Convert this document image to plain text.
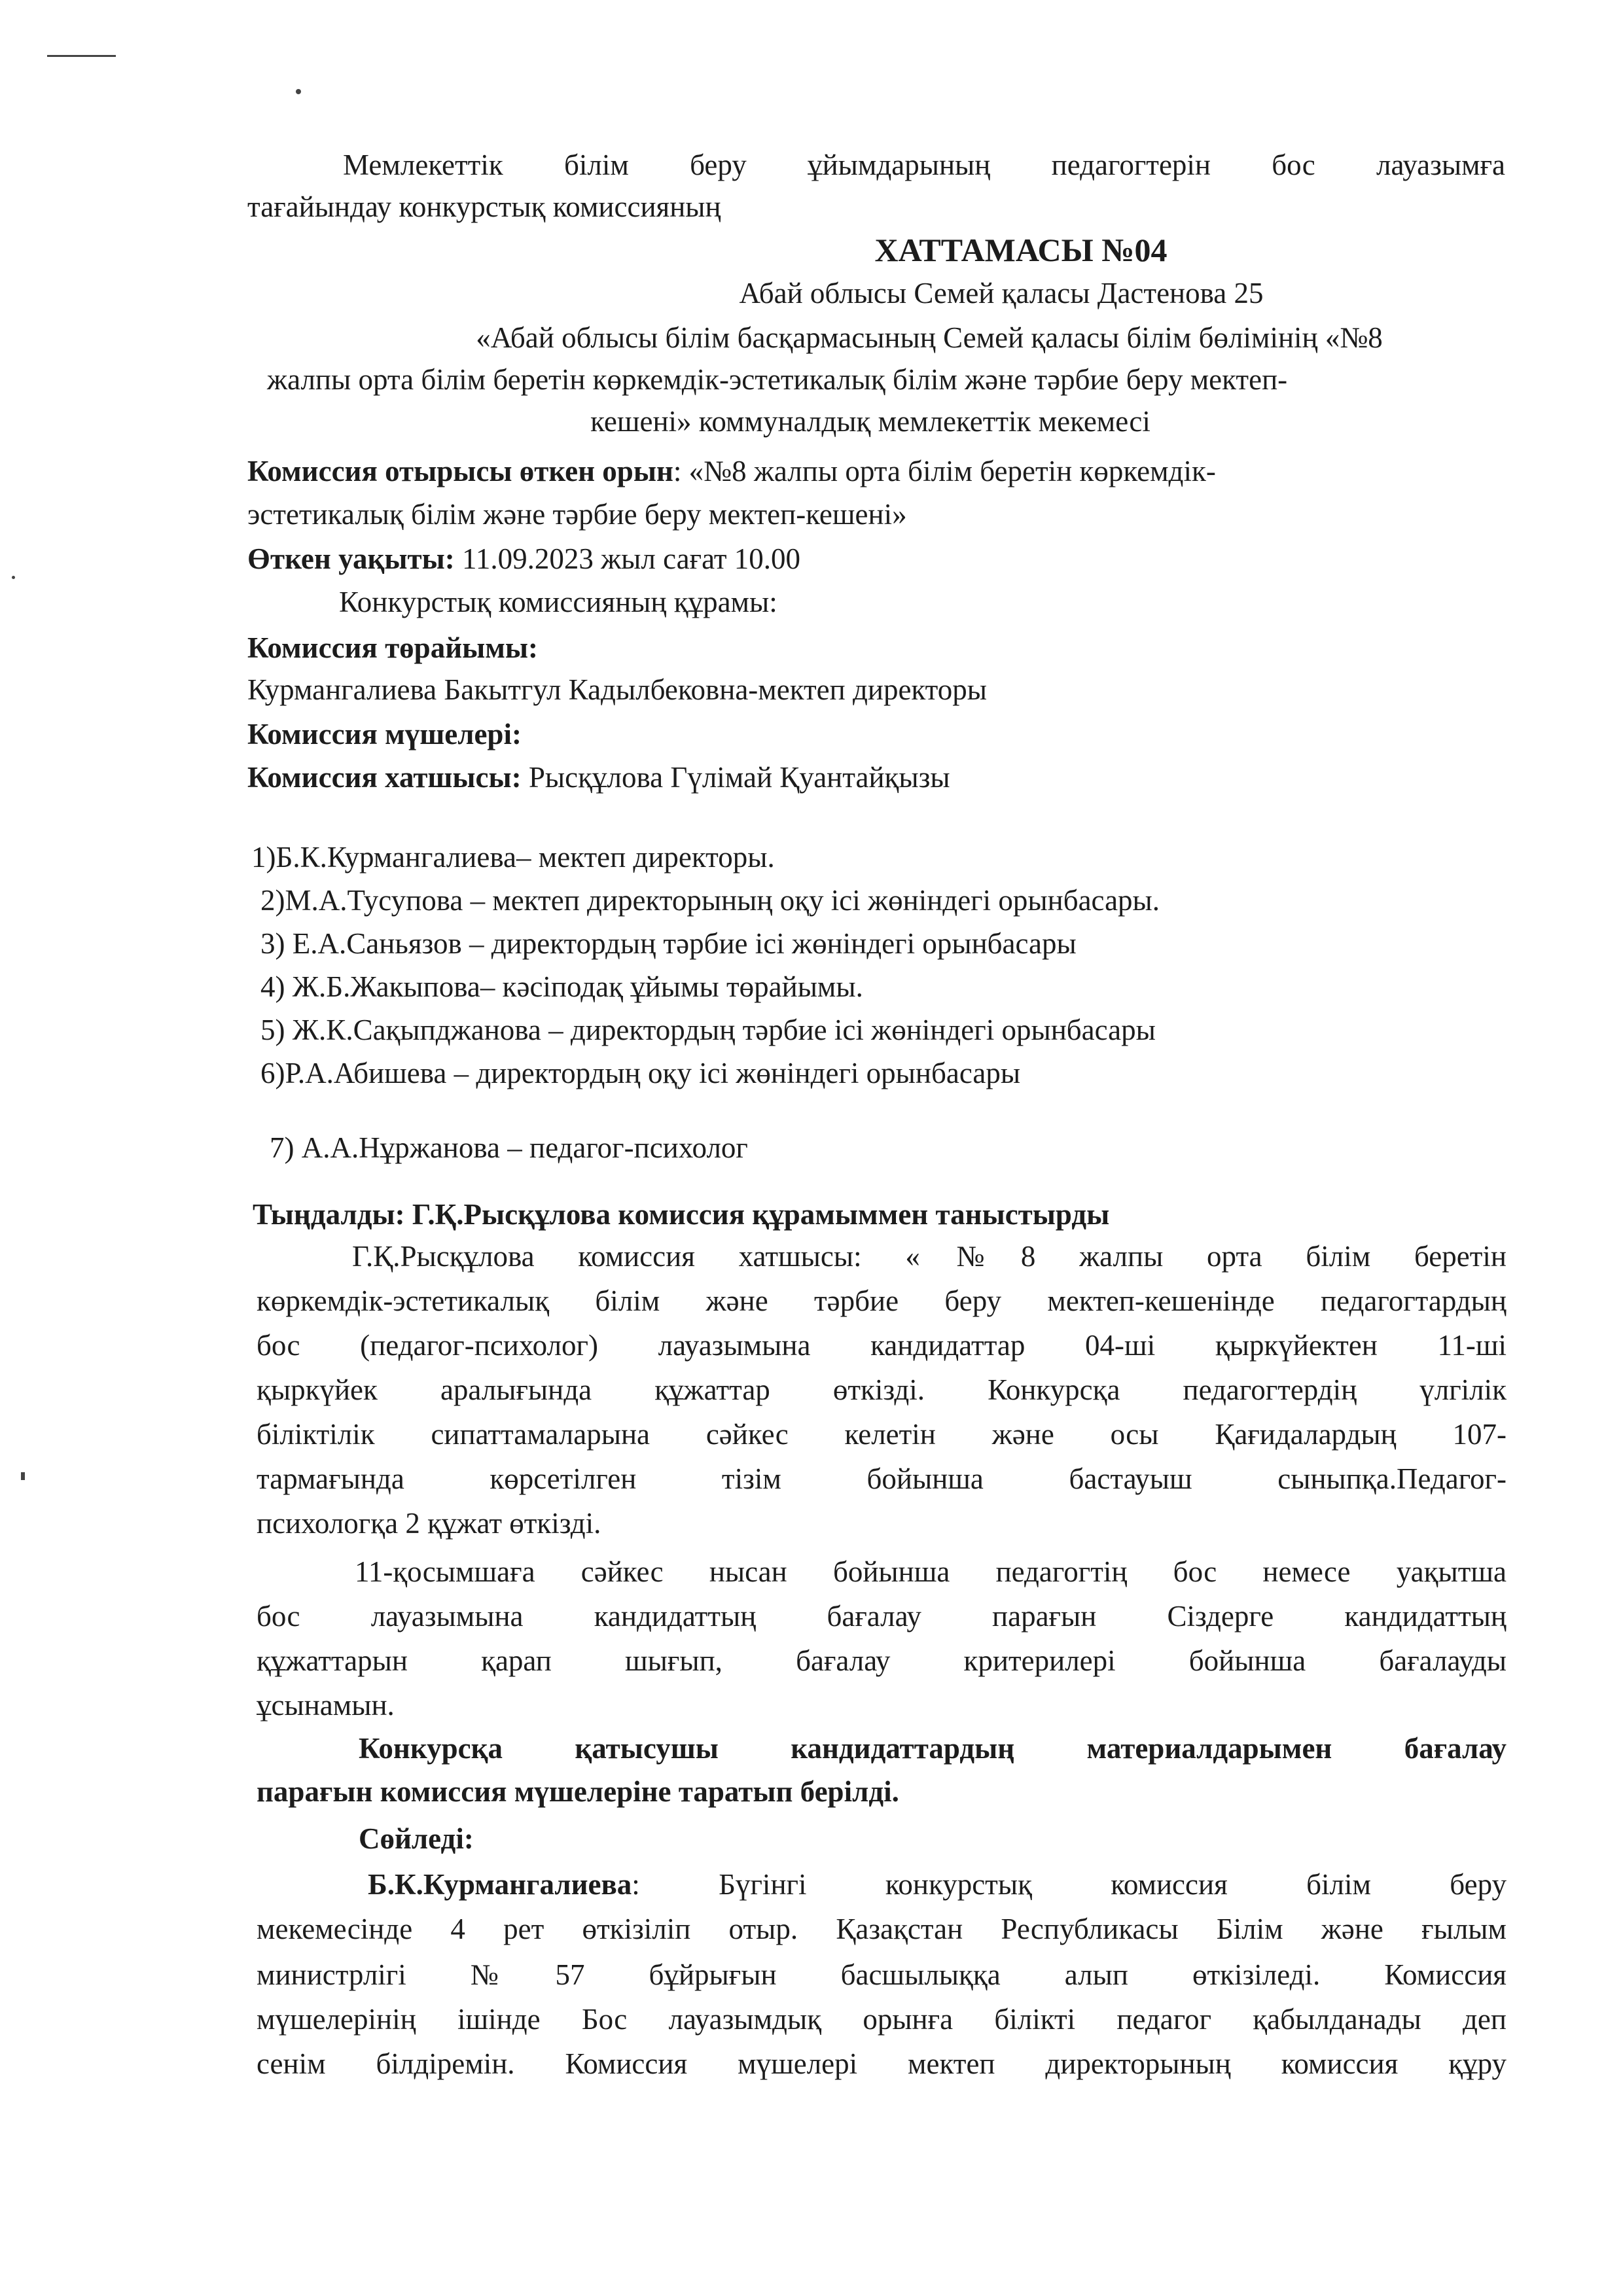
Мемлекеттік білім беру ұйымдарының педагогтерін бос лауазымға
тағайындау конкурстық комиссияның
ХАТТАМАСЫ №04
Абай облысы Семей қаласы Дастенова 25
«Абай облысы білім басқармасының Семей қаласы білім бөлімінің «№8
жалпы орта білім беретін көркемдік-эстетикалық білім және тәрбие беру мектеп-
кешені» коммуналдық мемлекеттік мекемесі
Комиссия отырысы өткен орын: «№8 жалпы орта білім беретін көркемдік-
эстетикалық білім және тәрбие беру мектеп-кешені»
Өткен уақыты: 11.09.2023 жыл сағат 10.00
Конкурстық комиссияның құрамы:
Комиссия төрайымы:
Курмангалиева Бакытгул Кадылбековна-мектеп директоры
Комиссия мүшелері:
Комиссия хатшысы: Рысқұлова Гүлімай Қуантайқызы
1)Б.К.Курмангалиева– мектеп директоры.
2)М.А.Тусупова – мектеп директорының оқу ісі жөніндегі орынбасары.
3) Е.А.Саньязов – директордың тәрбие ісі жөніндегі орынбасары
4) Ж.Б.Жакыпова– кәсіподақ ұйымы төрайымы.
5) Ж.К.Сақыпджанова – директордың тәрбие ісі жөніндегі орынбасары
6)Р.А.Абишева – директордың оқу ісі жөніндегі орынбасары
7) А.А.Нұржанова – педагог-психолог
Тыңдалды: Г.Қ.Рысқұлова комиссия құрамыммен таныстырды
Г.Қ.Рысқұлова комиссия хатшысы: «№8 жалпы орта білім беретін
көркемдік-эстетикалық білім және тәрбие беру мектеп-кешенінде педагогтардың
бос (педагог-психолог) лауазымына кандидаттар 04-ші қыркүйектен 11-ші
қыркүйек аралығында құжаттар өткізді. Конкурсқа педагогтердің үлгілік
біліктілік сипаттамаларына сәйкес келетін және осы Қағидалардың 107-
тармағында көрсетілген тізім бойынша бастауыш сыныпқа.Педагог-
психологқа 2 құжат өткізді.
11-қосымшаға сәйкес нысан бойынша педагогтің бос немесе уақытша
бос лауазымына кандидаттың бағалау парағын Сіздерге кандидаттың
құжаттарын қарап шығып, бағалау критерилері бойынша бағалауды
ұсынамын.
Конкурсқа қатысушы кандидаттардың материалдарымен бағалау
парағын комиссия мүшелеріне таратып берілді.
Сөйледі:
Б.К.Курмангалиева: Бүгінгі конкурстық комиссия білім беру
мекемесінде 4 рет өткізіліп отыр. Қазақстан Республикасы Білім және ғылым
министрлігі №57 бұйрығын басшылыққа алып өткізіледі. Комиссия
мүшелерінің ішінде Бос лауазымдық орынға білікті педагог қабылданады деп
сенім білдіремін. Комиссия мүшелері мектеп директорының комиссия құру
